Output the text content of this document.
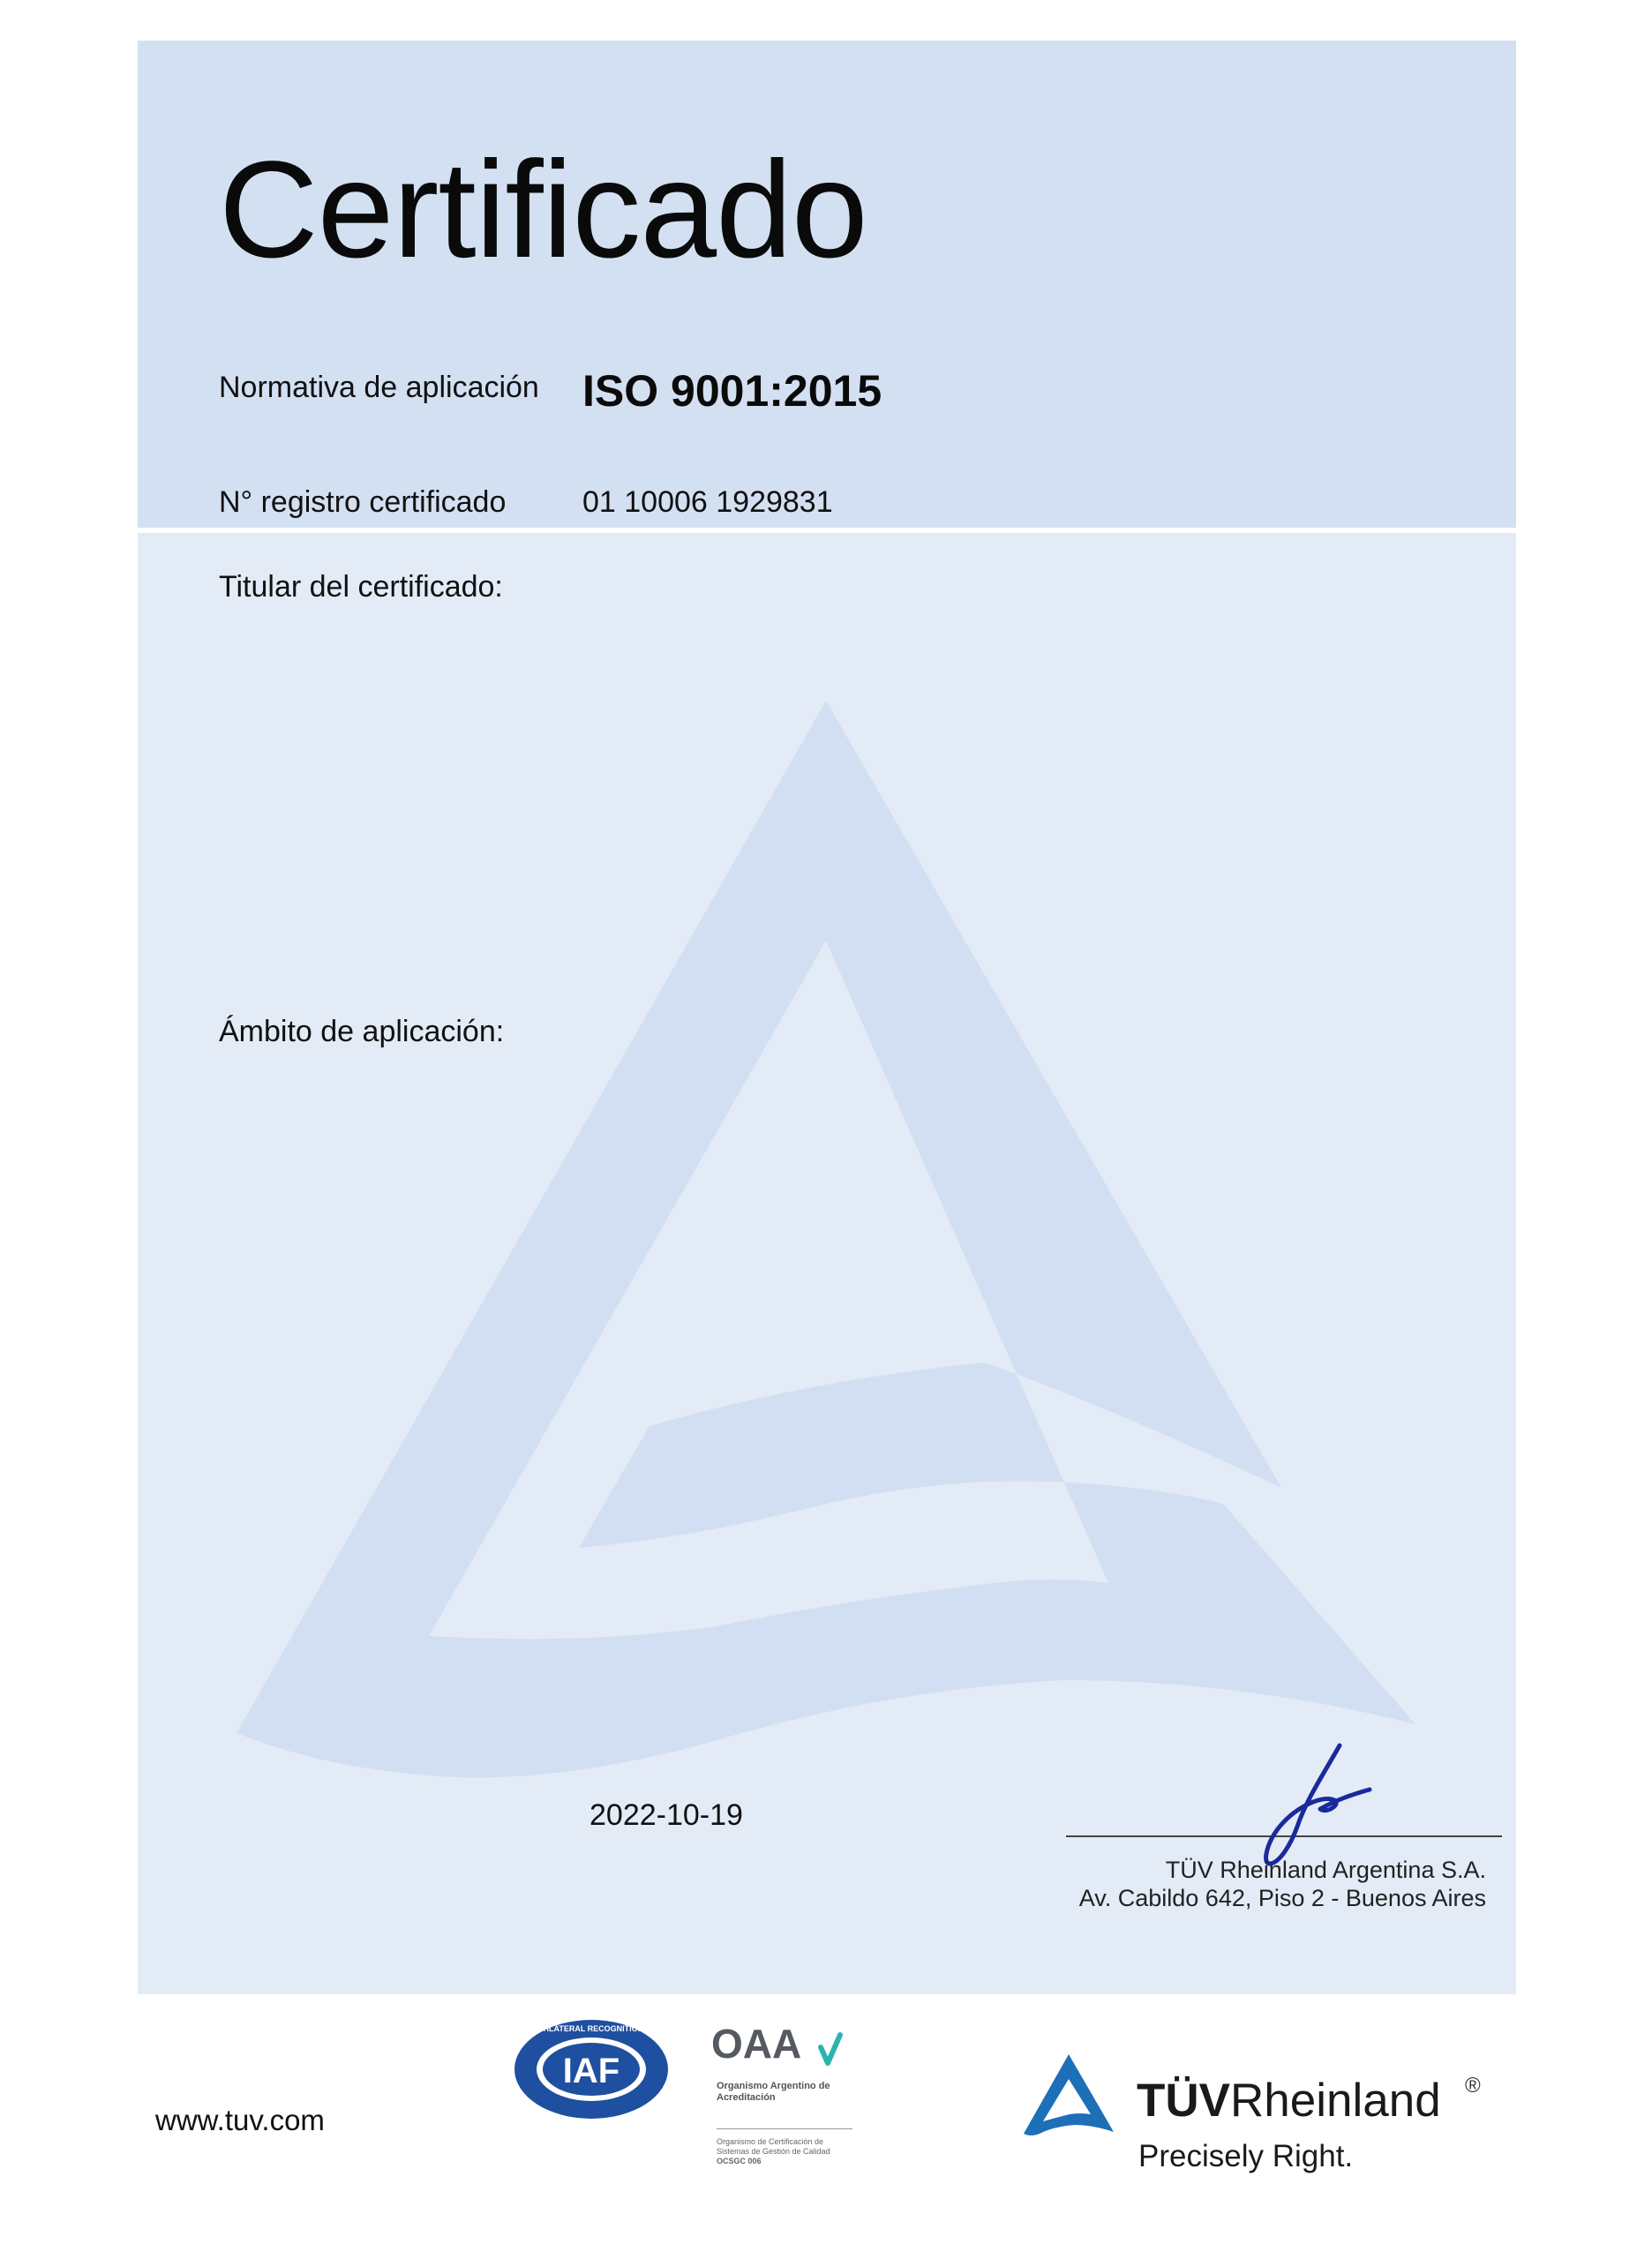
Certificado
Normativa de aplicación ISO 9001:2015
N° registro certificado	01 10006 1929831
Titular del certificado:
Ámbito de aplicación:
2022-10-19
TÜV Rheinland Argentina S.A.
Av. Cabildo 642, Piso 2 - Buenos Aires
www.tuv.com
IAF
MEMBER OF MULTILATERAL RECOGNITION ARRANGEMENT OAA
Organismo Argentino de Acreditación
Organismo de Certificación de Sistemas de Gestión de Calidad
OCSGC 006
TÜVRheinland ®
Precisely Right.
